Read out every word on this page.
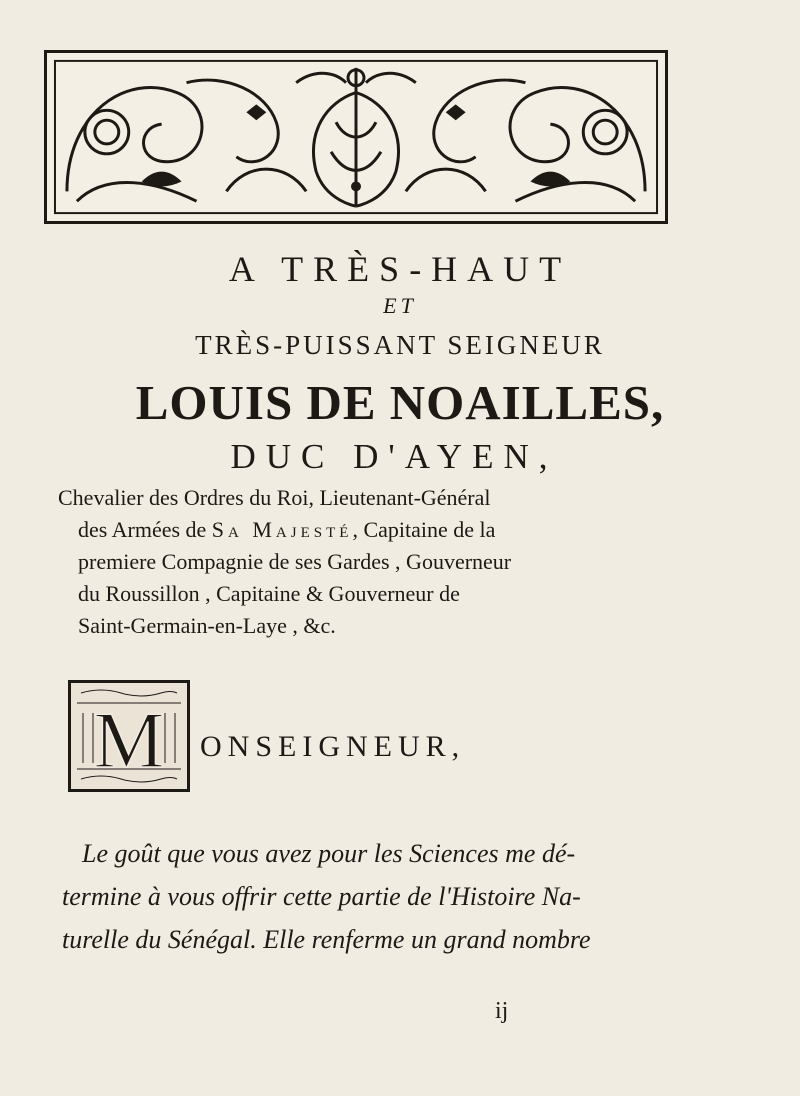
A TRÈS-HAUT
ET
TRÈS-PUISSANT SEIGNEUR
LOUIS DE NOAILLES,
DUC D'AYEN,
Chevalier des Ordres du Roi, Lieutenant-Général
des Armées de Sa Majesté, Capitaine de la
premiere Compagnie de ses Gardes , Gouverneur
du Roussillon , Capitaine & Gouverneur de
Saint-Germain-en-Laye , &c.
M ONSEIGNEUR,
Le goût que vous avez pour les Sciences me dé-
termine à vous offrir cette partie de l'Histoire Na-
turelle du Sénégal. Elle renferme un grand nombre
ij
